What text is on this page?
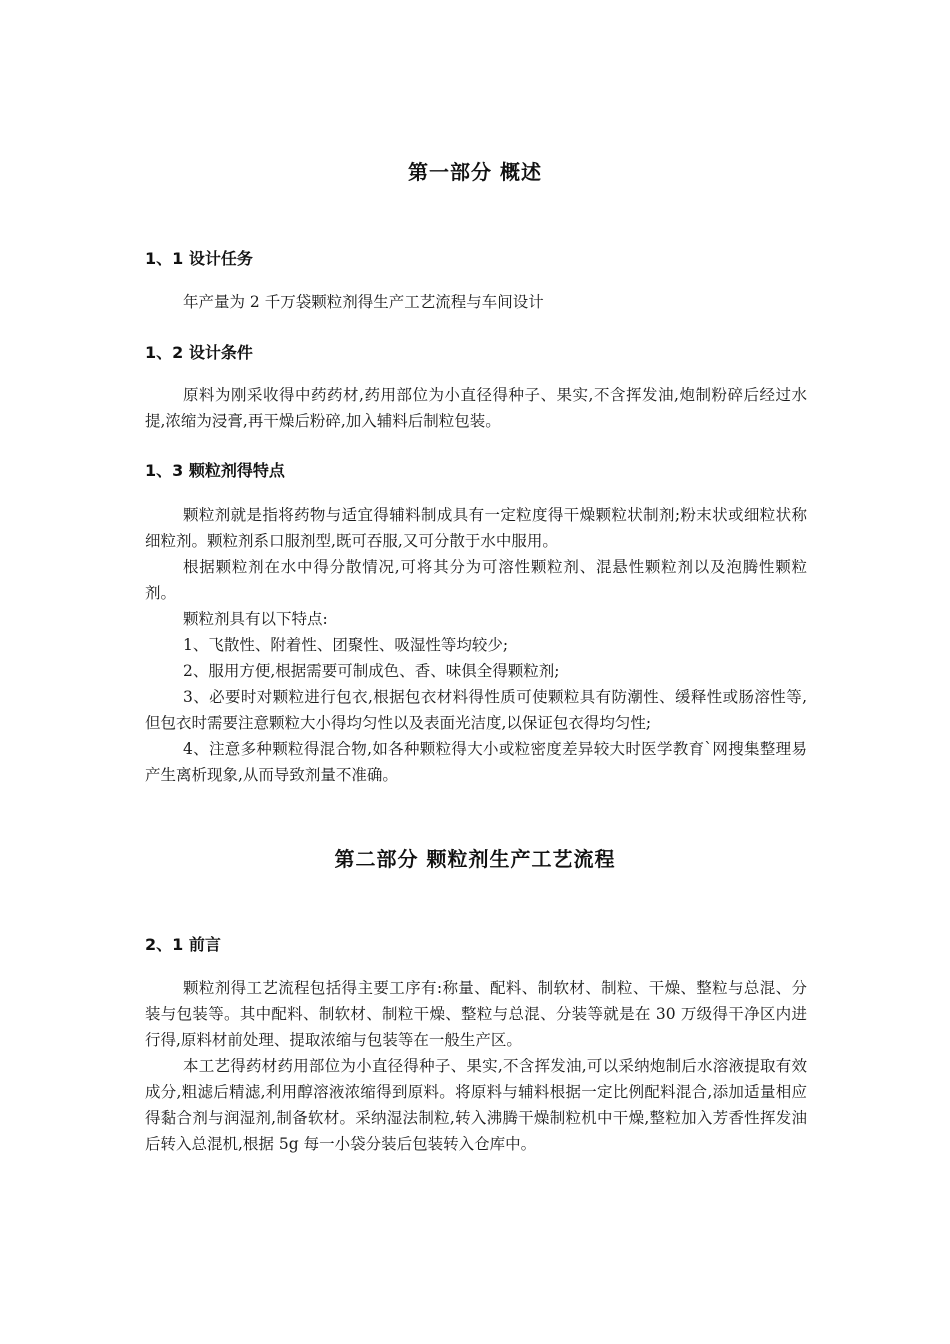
第一部分 概述
1、1 设计任务

年产量为 2 千万袋颗粒剂得生产工艺流程与车间设计

1、2 设计条件

原料为刚采收得中药药材,药用部位为小直径得种子、果实,不含挥发油,炮制粉碎后经过水提,浓缩为浸膏,再干燥后粉碎,加入辅料后制粒包装。

1、3 颗粒剂得特点

颗粒剂就是指将药物与适宜得辅料制成具有一定粒度得干燥颗粒状制剂;粉末状或细粒状称细粒剂。颗粒剂系口服剂型,既可吞服,又可分散于水中服用。

根据颗粒剂在水中得分散情况,可将其分为可溶性颗粒剂、混悬性颗粒剂以及泡腾性颗粒剂。

颗粒剂具有以下特点:

1、飞散性、附着性、团聚性、吸湿性等均较少;

2、服用方便,根据需要可制成色、香、味俱全得颗粒剂;

3、必要时对颗粒进行包衣,根据包衣材料得性质可使颗粒具有防潮性、缓释性或肠溶性等,但包衣时需要注意颗粒大小得均匀性以及表面光洁度,以保证包衣得均匀性;

4、注意多种颗粒得混合物,如各种颗粒得大小或粒密度差异较大时医学教育`网搜集整理易产生离析现象,从而导致剂量不准确。

第二部分 颗粒剂生产工艺流程
2、1 前言

颗粒剂得工艺流程包括得主要工序有:称量、配料、制软材、制粒、干燥、整粒与总混、分装与包装等。其中配料、制软材、制粒干燥、整粒与总混、分装等就是在 30 万级得干净区内进行得,原料材前处理、提取浓缩与包装等在一般生产区。

本工艺得药材药用部位为小直径得种子、果实,不含挥发油,可以采纳炮制后水溶液提取有效成分,粗滤后精滤,利用醇溶液浓缩得到原料。将原料与辅料根据一定比例配料混合,添加适量相应得黏合剂与润湿剂,制备软材。采纳湿法制粒,转入沸腾干燥制粒机中干燥,整粒加入芳香性挥发油后转入总混机,根据 5g 每一小袋分装后包装转入仓库中。
